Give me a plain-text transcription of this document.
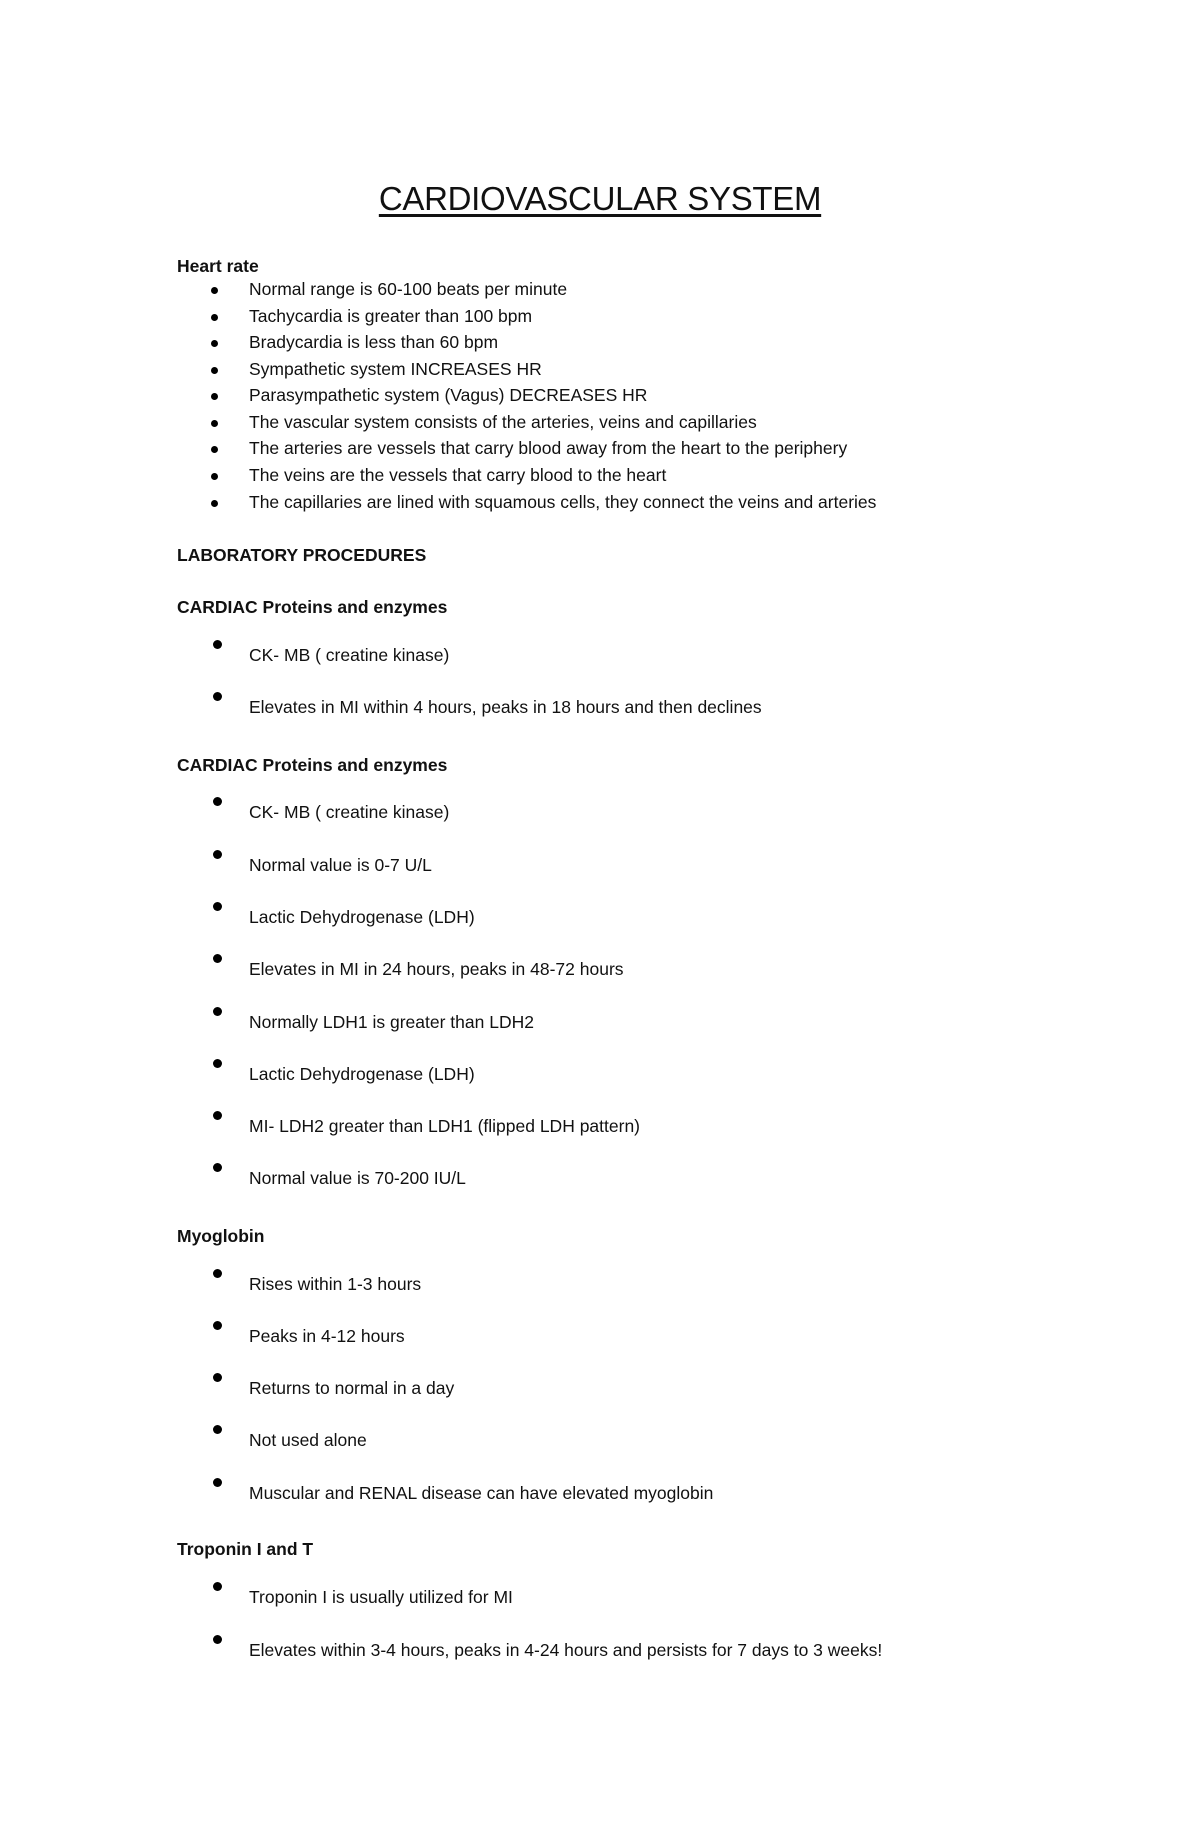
CARDIOVASCULAR SYSTEM
Heart rate
Normal range is 60-100 beats per minute
Tachycardia is greater than 100 bpm
Bradycardia is less than 60 bpm
Sympathetic system INCREASES HR
Parasympathetic system (Vagus) DECREASES HR
The vascular system consists of the arteries, veins and capillaries
The arteries are vessels that carry blood away from the heart to the periphery
The veins are the vessels that carry blood to the heart
The capillaries are lined with squamous cells, they connect the veins and arteries
LABORATORY PROCEDURES
CARDIAC Proteins and enzymes
CK- MB ( creatine kinase)
Elevates in MI within 4 hours, peaks in 18 hours and then declines
CARDIAC Proteins and enzymes
CK- MB ( creatine kinase)
Normal value is 0-7 U/L
Lactic Dehydrogenase (LDH)
Elevates in MI in 24 hours, peaks in 48-72 hours
Normally LDH1 is greater than LDH2
Lactic Dehydrogenase (LDH)
MI- LDH2 greater than LDH1 (flipped LDH pattern)
Normal value is 70-200 IU/L
Myoglobin
Rises within 1-3 hours
Peaks in 4-12 hours
Returns to normal in a day
Not used alone
Muscular and RENAL disease can have elevated myoglobin
Troponin I and T
Troponin I is usually utilized for MI
Elevates within 3-4 hours, peaks in 4-24 hours and persists for 7 days to 3 weeks!
